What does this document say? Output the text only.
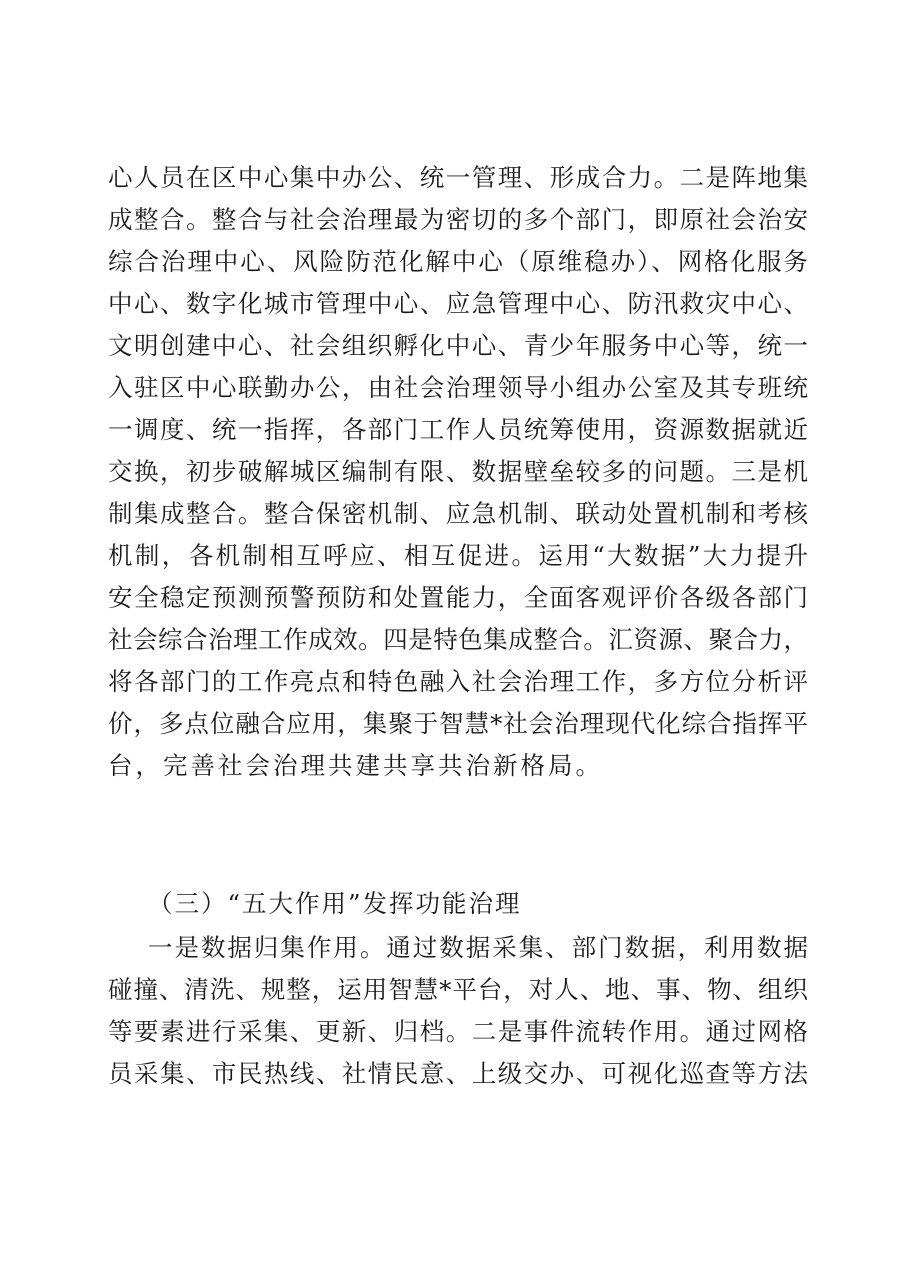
心人员在区中心集中办公、统一管理、形成合力。二是阵地集
成整合。整合与社会治理最为密切的多个部门，即原社会治安
综合治理中心、风险防范化解中心（原维稳办）、网格化服务
中心、数字化城市管理中心、应急管理中心、防汛救灾中心、
文明创建中心、社会组织孵化中心、青少年服务中心等，统一
入驻区中心联勤办公，由社会治理领导小组办公室及其专班统
一调度、统一指挥，各部门工作人员统筹使用，资源数据就近
交换，初步破解城区编制有限、数据壁垒较多的问题。三是机
制集成整合。整合保密机制、应急机制、联动处置机制和考核
机制，各机制相互呼应、相互促进。运用“大数据”大力提升
安全稳定预测预警预防和处置能力，全面客观评价各级各部门
社会综合治理工作成效。四是特色集成整合。汇资源、聚合力，
将各部门的工作亮点和特色融入社会治理工作，多方位分析评
价，多点位融合应用，集聚于智慧*社会治理现代化综合指挥平
台，完善社会治理共建共享共治新格局。
（三）“五大作用”发挥功能治理
一是数据归集作用。通过数据采集、部门数据，利用数据
碰撞、清洗、规整，运用智慧*平台，对人、地、事、物、组织
等要素进行采集、更新、归档。二是事件流转作用。通过网格
员采集、市民热线、社情民意、上级交办、可视化巡查等方法
